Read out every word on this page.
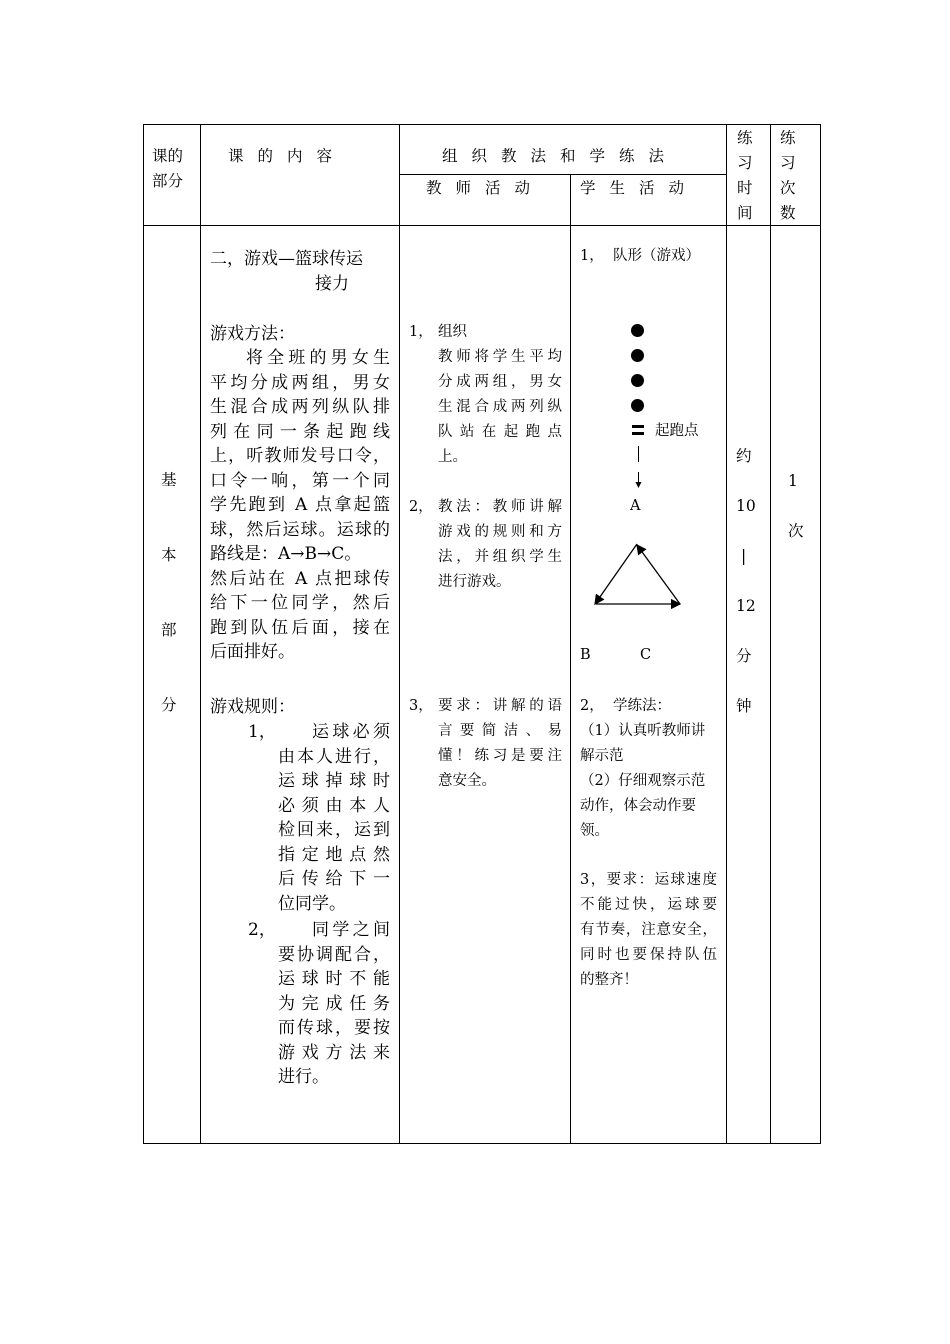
课的
部分
课的内容	组织教法和学练法
教师活动 学生活动
练
习
时
间
练
习
次
数
基
本
部
分
二，游戏—篮球传运
接力
游戏方法：
将全班的男女生
平均分成两组，男女
生混合成两列纵队排
列在同一条起跑线
上，听教师发号口令，
口令一响，第一个同
学先跑到 A 点拿起篮
球，然后运球。运球的
路线是：A→B→C。
然后站在 A 点把球传
给下一位同学，然后
跑到队伍后面，接在
后面排好。
游戏规则：
1， 运球必须
由本人进行，
运球掉球时
必须由本人
检回来，运到
指定地点然
后传给下一
位同学。
2， 同学之间
要协调配合，
运球时不能
为完成任务
而传球，要按
游戏方法来
进行。
1， 组织
教师将学生平均
分成两组，男女
生混合成两列纵
队站在起跑点
上。
2， 教法：教师讲解
游戏的规则和方
法，并组织学生
进行游戏。
3， 要求：讲解的语
言要简洁、易
懂！练习是要注
意安全。
1，  队形（游戏）
起跑点
A
B	C
2，  学练法：
（1）认真听教师讲
解示范
（2）仔细观察示范
动作，体会动作要
领。
3，要求：运球速度
不能过快，运球要
有节奏，注意安全，
同时也要保持队伍
的整齐！
约
10
|
12
分
钟
1
次
